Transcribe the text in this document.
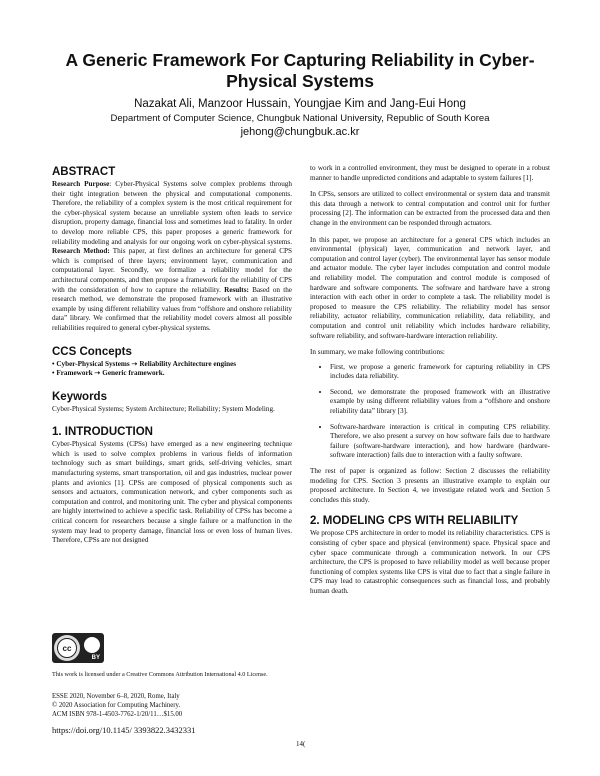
A Generic Framework For Capturing Reliability in Cyber-Physical Systems
Nazakat Ali, Manzoor Hussain, Youngjae Kim and Jang-Eui Hong
Department of Computer Science, Chungbuk National University, Republic of South Korea
jehong@chungbuk.ac.kr
ABSTRACT

Research Purpose: Cyber-Physical Systems solve complex problems through their tight integration between the physical and computational components. Therefore, the reliability of a complex system is the most critical requirement for the cyber-physical system because an unreliable system often leads to service disruption, property damage, financial loss and sometimes lead to fatality. In order to develop more reliable CPS, this paper proposes a generic framework for reliability modeling and analysis for our ongoing work on cyber-physical systems. Research Method: This paper, at first defines an architecture for general CPS which is comprised of three layers; environment layer, communication and computational layer. Secondly, we formalize a reliability model for the architectural components, and then propose a framework for the reliability of CPS with the consideration of how to capture the reliability. Results: Based on the research method, we demonstrate the proposed framework with an illustrative example by using different reliability values from “offshore and onshore reliability data” library. We confirmed that the reliability model covers almost all possible reliabilities required to general cyber-physical systems.

CCS Concepts
• Cyber-Physical Systems ➝ Reliability Architecture engines
• Framework ➝ Generic framework.
Keywords

Cyber-Physical Systems; System Architecture; Reliability; System Modeling.

1. INTRODUCTION

Cyber-Physical Systems (CPSs) have emerged as a new engineering technique which is used to solve complex problems in various fields of information technology such as smart buildings, smart grids, self-driving vehicles, smart manufacturing systems, smart transportation, oil and gas industries, nuclear power plants and avionics [1]. CPSs are composed of physical components such as sensors and actuators, communication network, and cyber components such as computation and control, and monitoring unit. The cyber and physical components are highly intertwined to achieve a specific task. Reliability of CPSs has become a critical concern for researchers because a single failure or a malfunction in the system may lead to property damage, financial loss or even loss of human lives. Therefore, CPSs are not designed

cc
BY
This work is licensed under a Creative Commons Attribution International 4.0 License.
ESSE 2020, November 6–8, 2020, Rome, Italy
© 2020 Association for Computing Machinery.
ACM ISBN 978-1-4503-7762-1/20/11…$15.00
https://doi.org/10.1145/ 3393822.3432331

to work in a controlled environment, they must be designed to operate in a robust manner to handle unpredicted conditions and adaptable to system failures [1].

In CPSs, sensors are utilized to collect environmental or system data and transmit this data through a network to central computation and control unit for further processing [2]. The information can be extracted from the processed data and then change in the environment can be responded through actuators.

In this paper, we propose an architecture for a general CPS which includes an environmental (physical) layer, communication and network layer, and computation and control layer (cyber). The environmental layer has sensor module and actuator module. The cyber layer includes computation and control module and reliability model. The computation and control module is composed of hardware and software components. The software and hardware have a strong interaction with each other in order to complete a task. The reliability model is proposed to measure the CPS reliability. The reliability model has sensor reliability, actuator reliability, communication reliability, data reliability, and computation and control unit reliability which includes hardware reliability, software reliability, and software-hardware interaction reliability.

In summary, we make following contributions:

• First, we propose a generic framework for capturing reliability in CPS includes data reliability.
• Second, we demonstrate the proposed framework with an illustrative example by using different reliability values from a “offshore and onshore reliability data” library [3].
• Software-hardware interaction is critical in computing CPS reliability. Therefore, we also present a survey on how software fails due to hardware failure (software-hardware interaction), and how hardware (hardware-software interaction) fails due to interaction with a faulty software.

The rest of paper is organized as follow: Section 2 discusses the reliability modeling for CPS. Section 3 presents an illustrative example to explain our proposed architecture. In Section 4, we investigate related work and Section 5 concludes this study.

2. MODELING CPS WITH RELIABILITY

We propose CPS architecture in order to model its reliability characteristics. CPS is consisting of cyber space and physical (environment) space. Physical space and cyber space communicate through a communication network. In our CPS architecture, the CPS is proposed to have reliability model as well because proper functioning of complex systems like CPS is vital due to fact that a single failure in CPS may lead to catastrophic consequences such as financial loss, and probably human death.

14(
